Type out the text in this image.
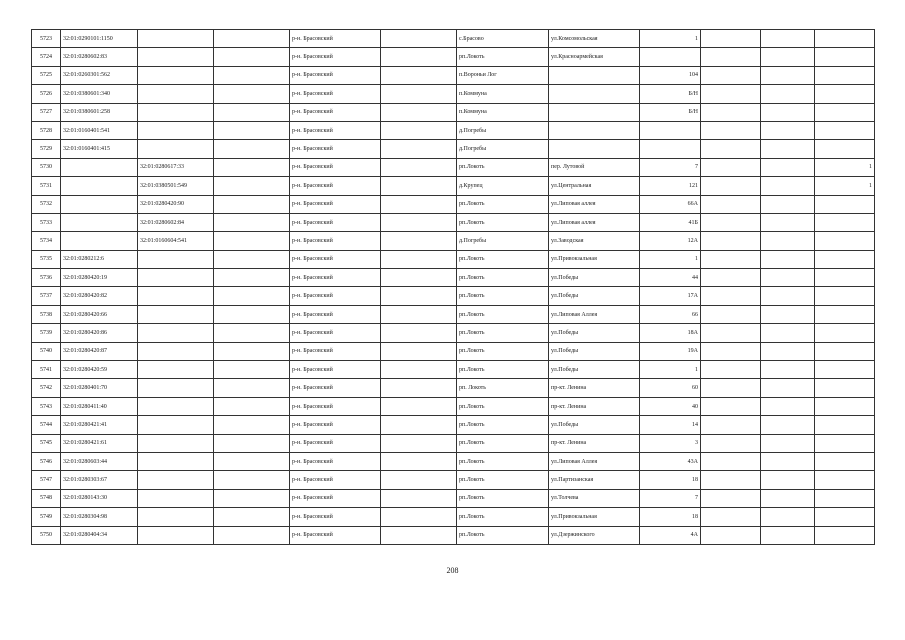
5723	32:01:0290101:1150			р-н. Брасовский		с.Брасово	ул.Комсомольская	1			
5724	32:01:0280602:83			р-н. Брасовский		рп.Локоть	ул.Красноармейская				
5725	32:01:0260301:562			р-н. Брасовский		п.Вороньи Лог		104			
5726	32:01:0380601:340			р-н. Брасовский		п.Коммуна		Б/Н			
5727	32:01:0380601:258			р-н. Брасовский		п.Коммуна		Б/Н			
5728	32:01:0160401:541			р-н. Брасовский		д.Погребы					
5729	32:01:0160401:415			р-н. Брасовский		д.Погребы					
5730		32:01:0280617:33		р-н. Брасовский		рп.Локоть	пер. Лутовой	7			1
5731		32:01:0380501:549		р-н. Брасовский		д.Крупец	ул.Центральная	121			1
5732		32:01:0280420:90		р-н. Брасовский		рп.Локоть	ул.Липовая аллея	66А			
5733		32:01:0280602:84		р-н. Брасовский		рп.Локоть	ул.Липовая аллея	41Б			
5734		32:01:0160604:541		р-н. Брасовский		д.Погребы	ул.Заводская	12А			
5735	32:01:0280212:6			р-н. Брасовский		рп.Локоть	ул.Привокзальная	1			
5736	32:01:0280420:19			р-н. Брасовский		рп.Локоть	ул.Победы	44			
5737	32:01:0280420:82			р-н. Брасовский		рп.Локоть	ул.Победы	17А			
5738	32:01:0280420:66			р-н. Брасовский		рп.Локоть	ул.Липовая Аллея	66			
5739	32:01:0280420:86			р-н. Брасовский		рп.Локоть	ул.Победы	18А			
5740	32:01:0280420:87			р-н. Брасовский		рп.Локоть	ул.Победы	19А			
5741	32:01:0280420:59			р-н. Брасовский		рп.Локоть	ул.Победы	1			
5742	32:01:0280401:70			р-н. Брасовский		рп. Локоть	пр-кт. Ленина	60			
5743	32:01:0280411:40			р-н. Брасовский		рп.Локоть	пр-кт. Ленина	40			
5744	32:01:0280421:41			р-н. Брасовский		рп.Локоть	ул.Победы	14			
5745	32:01:0280421:61			р-н. Брасовский		рп.Локоть	пр-кт. Ленина	3			
5746	32:01:0280603:44			р-н. Брасовский		рп.Локоть	ул.Липовая Аллея	43А			
5747	32:01:0280303:67			р-н. Брасовский		рп.Локоть	ул.Партизанская	18			
5748	32:01:0280143:30			р-н. Брасовский		рп.Локоть	ул.Толчева	7			
5749	32:01:0280304:98			р-н. Брасовский		рп.Локоть	ул.Привокзальная	18			
5750	32:01:0280404:34			р-н. Брасовский		рп.Локоть	ул.Дзержинского	4А			
208
